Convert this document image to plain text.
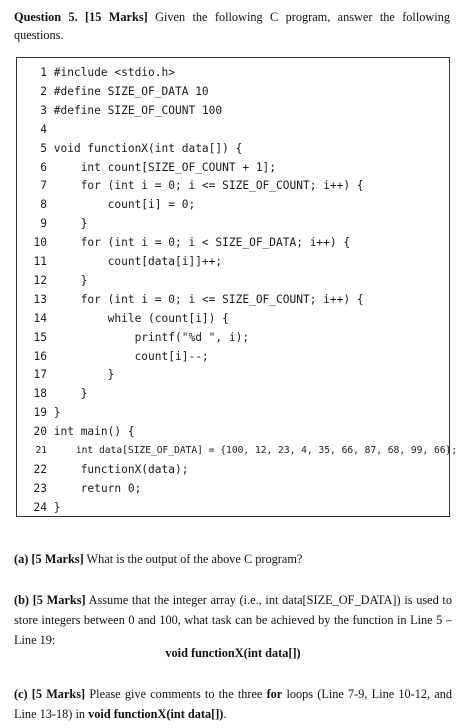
Question 5. [15 Marks] Given the following C program, answer the following questions.
1 #include <stdio.h>
2 #define SIZE_OF_DATA 10
3 #define SIZE_OF_COUNT 100
4
5 void functionX(int data[]) {
6     int count[SIZE_OF_COUNT + 1];
7     for (int i = 0; i <= SIZE_OF_COUNT; i++) {
8         count[i] = 0;
9     }
10     for (int i = 0; i < SIZE_OF_DATA; i++) {
11         count[data[i]]++;
12     }
13     for (int i = 0; i <= SIZE_OF_COUNT; i++) {
14         while (count[i]) {
15             printf("%d ", i);
16             count[i]--;
17         }
18     }
19 }
20 int main() {
21     int data[SIZE_OF_DATA] = {100, 12, 23, 4, 35, 66, 87, 68, 99, 66};
22     functionX(data);
23     return 0;
24 }
(a) [5 Marks] What is the output of the above C program?
(b) [5 Marks] Assume that the integer array (i.e., int data[SIZE_OF_DATA]) is used to store integers between 0 and 100, what task can be achieved by the function in Line 5 – Line 19:
void functionX(int data[])
(c) [5 Marks] Please give comments to the three for loops (Line 7-9, Line 10-12, and Line 13-18) in void functionX(int data[]).
